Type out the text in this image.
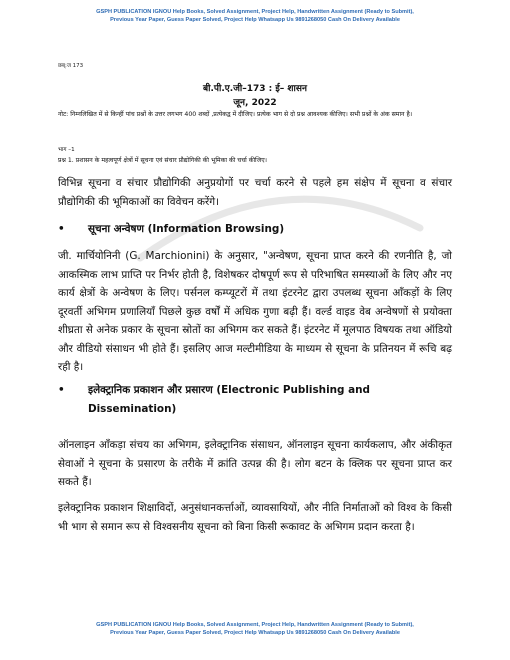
GSPH PUBLICATION IGNOU Help Books, Solved Assignment, Project Help, Handwritten Assignment (Ready to Submit),
Previous Year Paper, Guess Paper Solved, Project Help Whatsapp Us 9891268050 Cash On Delivery Available
छब्:ज 173
बी.पी.ए.जी–173 : ई– शासन
जून, 2022
नोट: निम्नलिखित में से किन्हीं पांच प्रश्नों के उत्तर लगभग 400 शब्दों ,प्रत्येकद्व में दीजिए। प्रत्येक भाग से दो प्रश्न आवश्यक कीजिए। सभी प्रश्नों के अंक समान है।
भाग –1
प्रश्न 1. प्रशासन के महत्वपूर्ण क्षेत्रों में सूचना एवं संचार प्रौद्योगिकी की भूमिका की चर्चा कीजिए।
विभिन्न सूचना व संचार प्रौद्योगिकी अनुप्रयोगों पर चर्चा करने से पहले हम संक्षेप में सूचना व संचार प्रौद्योगिकी की भूमिकाओं का विवेचन करेंगे।
• सूचना अन्वेषण (Information Browsing)
जी. मार्चियोनिनी (G. Marchionini) के अनुसार, "अन्वेषण, सूचना प्राप्त करने की रणनीति है, जो आकस्मिक लाभ प्राप्ति पर निर्भर होती है, विशेषकर दोषपूर्ण रूप से परिभाषित समस्याओं के लिए और नए कार्य क्षेत्रों के अन्वेषण के लिए। पर्सनल कम्प्यूटरों में तथा इंटरनेट द्वारा उपलब्ध सूचना आँकड़ों के लिए दूरवर्ती अभिगम प्रणालियाँ पिछले कुछ वर्षों में अधिक गुणा बढ़ी हैं। वर्ल्ड वाइड वेब अन्वेषणों से प्रयोक्ता शीघ्रता से अनेक प्रकार के सूचना स्रोतों का अभिगम कर सकते हैं। इंटरनेट में मूलपाठ विषयक तथा ऑडियो और वीडियो संसाधन भी होते हैं। इसलिए आज मल्टीमीडिया के माध्यम से सूचना के प्रतिनयन में रूचि बढ़ रही है।
• इलेक्ट्रानिक प्रकाशन और प्रसारण (Electronic Publishing and Dissemination)
ऑनलाइन आँकड़ा संचय का अभिगम, इलेक्ट्रानिक संसाधन, ऑनलाइन सूचना कार्यकलाप, और अंकीकृत सेवाओं ने सूचना के प्रसारण के तरीके में क्रांति उत्पन्न की है। लोग बटन के क्लिक पर सूचना प्राप्त कर सकते हैं।
इलेक्ट्रानिक प्रकाशन शिक्षाविदों, अनुसंधानकर्त्ताओं, व्यावसायियों, और नीति निर्माताओं को विश्व के किसी भी भाग से समान रूप से विश्वसनीय सूचना को बिना किसी रूकावट के अभिगम प्रदान करता है।
GSPH PUBLICATION IGNOU Help Books, Solved Assignment, Project Help, Handwritten Assignment (Ready to Submit),
Previous Year Paper, Guess Paper Solved, Project Help Whatsapp Us 9891268050 Cash On Delivery Available
